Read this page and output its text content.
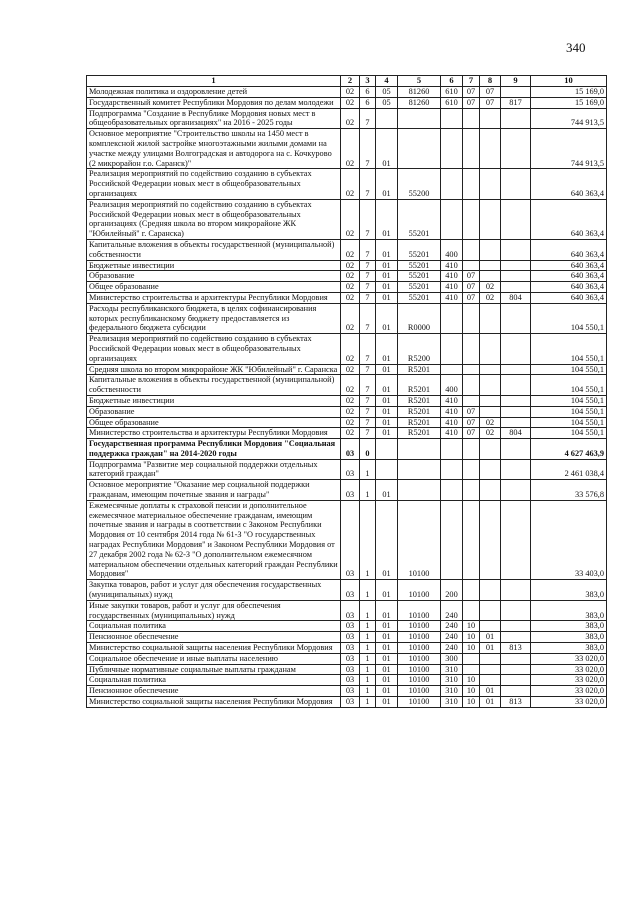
340
1	2	3	4	5	6	7	8	9	10
Молодежная политика и оздоровление детей	02	6	05	81260	610	07	07		15 169,0
Государственный комитет Республики Мордовия по делам молодежи	02	6	05	81260	610	07	07	817	15 169,0
Подпрограмма "Создание в Республике Мордовия новых мест в общеобразовательных организациях" на 2016 - 2025 годы	02	7							744 913,5
Основное мероприятие "Строительство школы на 1450 мест в комплексной жилой застройке многоэтажными жилыми домами на участке между улицами Волгоградская и автодорога на с. Кочкурово (2 микрорайон г.о. Саранск)"	02	7	01						744 913,5
Реализация мероприятий по содействию созданию в субъектах Российской Федерации новых мест в общеобразовательных организациях	02	7	01	55200					640 363,4
Реализация мероприятий по содействию созданию в субъектах Российской Федерации новых мест в общеобразовательных организациях (Средняя школа во втором микрорайоне ЖК "Юбилейный" г. Саранска)	02	7	01	55201					640 363,4
Капитальные вложения в объекты государственной (муниципальной) собственности	02	7	01	55201	400				640 363,4
Бюджетные инвестиции	02	7	01	55201	410				640 363,4
Образование	02	7	01	55201	410	07			640 363,4
Общее образование	02	7	01	55201	410	07	02		640 363,4
Министерство строительства и архитектуры Республики Мордовия	02	7	01	55201	410	07	02	804	640 363,4
Расходы республиканского бюджета, в целях софинансирования которых республиканскому бюджету предоставляется из федерального бюджета субсидии	02	7	01	R0000					104 550,1
Реализация мероприятий по содействию созданию в субъектах Российской Федерации новых мест в общеобразовательных организациях	02	7	01	R5200					104 550,1
Средняя школа во втором микрорайоне ЖК "Юбилейный" г. Саранска	02	7	01	R5201					104 550,1
Капитальные вложения в объекты государственной (муниципальной) собственности	02	7	01	R5201	400				104 550,1
Бюджетные инвестиции	02	7	01	R5201	410				104 550,1
Образование	02	7	01	R5201	410	07			104 550,1
Общее образование	02	7	01	R5201	410	07	02		104 550,1
Министерство строительства и архитектуры Республики Мордовия	02	7	01	R5201	410	07	02	804	104 550,1
Государственная программа Республики Мордовия "Социальная поддержка граждан" на 2014-2020 годы	03	0							4 627 463,9
Подпрограмма "Развитие мер социальной поддержки отдельных категорий граждан"	03	1							2 461 038,4
Основное мероприятие "Оказание мер социальной поддержки гражданам, имеющим почетные звания и награды"	03	1	01						33 576,8
Ежемесячные доплаты к страховой пенсии и дополнительное ежемесячное материальное обеспечение гражданам, имеющим почетные звания и награды в соответствии с Законом Республики Мордовия от 10 сентября 2014 года № 61-З "О государственных наградах Республики Мордовия" и Законом Республики Мордовия от 27 декабря 2002 года № 62-З "О дополнительном ежемесячном материальном обеспечении отдельных категорий граждан Республики Мордовия"	03	1	01	10100					33 403,0
Закупка товаров, работ и услуг для обеспечения государственных (муниципальных) нужд	03	1	01	10100	200				383,0
Иные закупки товаров, работ и услуг для обеспечения государственных (муниципальных) нужд	03	1	01	10100	240				383,0
Социальная политика	03	1	01	10100	240	10			383,0
Пенсионное обеспечение	03	1	01	10100	240	10	01		383,0
Министерство социальной защиты населения Республики Мордовия	03	1	01	10100	240	10	01	813	383,0
Социальное обеспечение и иные выплаты населению	03	1	01	10100	300				33 020,0
Публичные нормативные социальные выплаты гражданам	03	1	01	10100	310				33 020,0
Социальная политика	03	1	01	10100	310	10			33 020,0
Пенсионное обеспечение	03	1	01	10100	310	10	01		33 020,0
Министерство социальной защиты населения Республики Мордовия	03	1	01	10100	310	10	01	813	33 020,0
